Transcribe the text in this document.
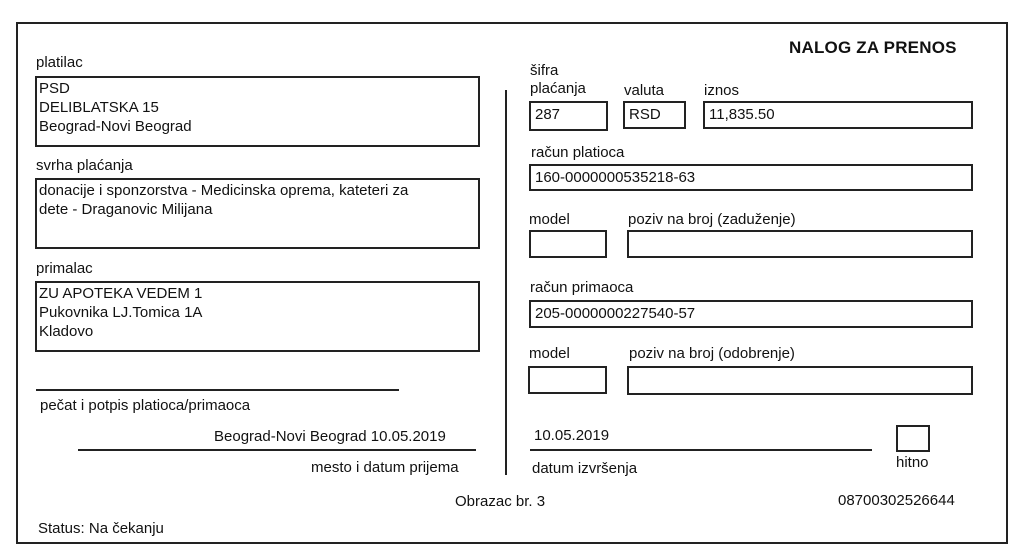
NALOG ZA PRENOS
platilac
PSD
DELIBLATSKA 15
Beograd-Novi Beograd
svrha plaćanja
donacije i sponzorstva - Medicinska oprema, kateteri za
dete - Draganovic Milijana
primalac
ZU APOTEKA VEDEM 1
Pukovnika LJ.Tomica 1A
Kladovo
pečat i potpis platioca/primaoca
Beograd-Novi Beograd 10.05.2019
mesto i datum prijema
šifra
plaćanja
287
valuta
RSD
iznos
11,835.50
račun platioca
160-0000000535218-63
model	poziv na broj (zaduženje)
račun primaoca
205-0000000227540-57
model	poziv na broj (odobrenje)
10.05.2019
datum izvršenja	hitno
Obrazac br. 3	08700302526644
Status: Na čekanju
